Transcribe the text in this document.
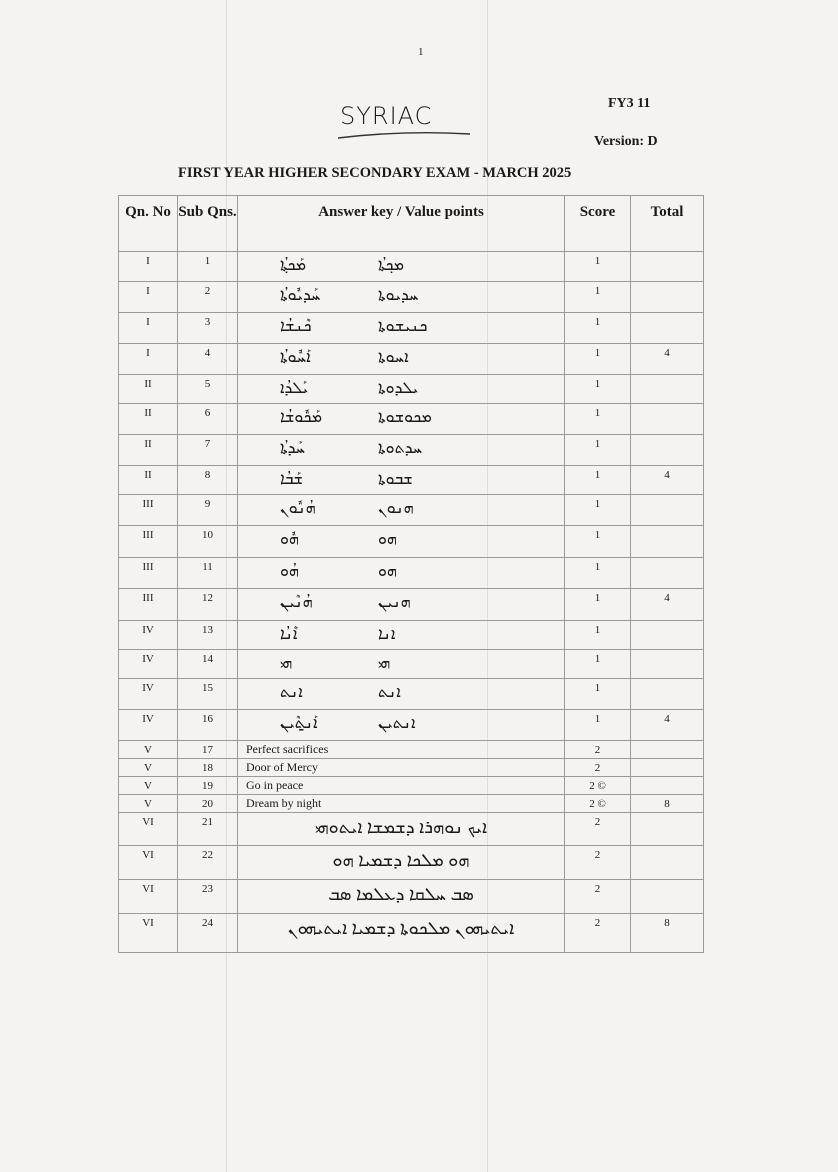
1
SYRIAC	FY3 11
Version: D
FIRST YEAR HIGHER SECONDARY EXAM - MARCH 2025
Qn. No	Sub Qns.	Answer key / Value points	Score	Total
I	1	ܡܰܟܬ݂ܳܐ ܡܟ݂ܬܳܐ	1	
I	2	ܚܰܕܝܽܘܬܳܐ ܚܕܝܘܬܐ	1	
I	3	ܟܶܢܫܳܐ ܟܢܝܫܘܬܐ	1	
I	4	ܐܰܚܽܘܬܳܐ ܐܚܘܬܐ	1	4
II	5	ܝܰܠܕܳܐ ܝܠܕܘܬܐ	1	
II	6	ܡܰܟܽܘܫܳܐ ܡܟܘܫܘܬܐ	1	
II	7	ܚܰܕܬܳܐ ܚܕܬܘܬܐ	1	
II	8	ܫܰܒܳܐ ܫܒܘܬܐ	1	4
III	9	ܗܳܢܽܘܢ ܗܢܘܢ	1	
III	10	ܗܽܘ ܗܘ	1	
III	11	ܗܳܘ ܗܘ	1	
III	12	ܗܳܢܶܝܢ ܗܢܝܢ	1	4
IV	13	ܐܶܢܳܐ ܐܢܐ	1	
IV	14	ܗܝ ܗܝ	1	
IV	15	ܐܢܬ ܐܢܬ	1	
IV	16	ܐܰܢ̱ܬܶܝܢ ܐܢܬܝܢ	1	4
V	17	Perfect sacrifices	2	
V	18	Door of Mercy	2	
V	19	Go in peace	2 ©	
V	20	Dream by night	2 ©	8
VI	21	ܐܝܟ ܢܘܗܪܐ ܕܫܡܫܐ ܐܝܬܘܗܝ	2	
VI	22	ܗܘ ܡܠܟܐ ܕܫܡܝܐ ܗܘ	2	
VI	23	ܣܒ ܚܠܩܐ ܕܥܠܡܐ ܣܒ	2	
VI	24	ܐܝܬܝܗܘܢ ܡܠܟܘܬܐ ܕܫܡܝܐ ܐܝܬܝܗܘܢ	2	8
